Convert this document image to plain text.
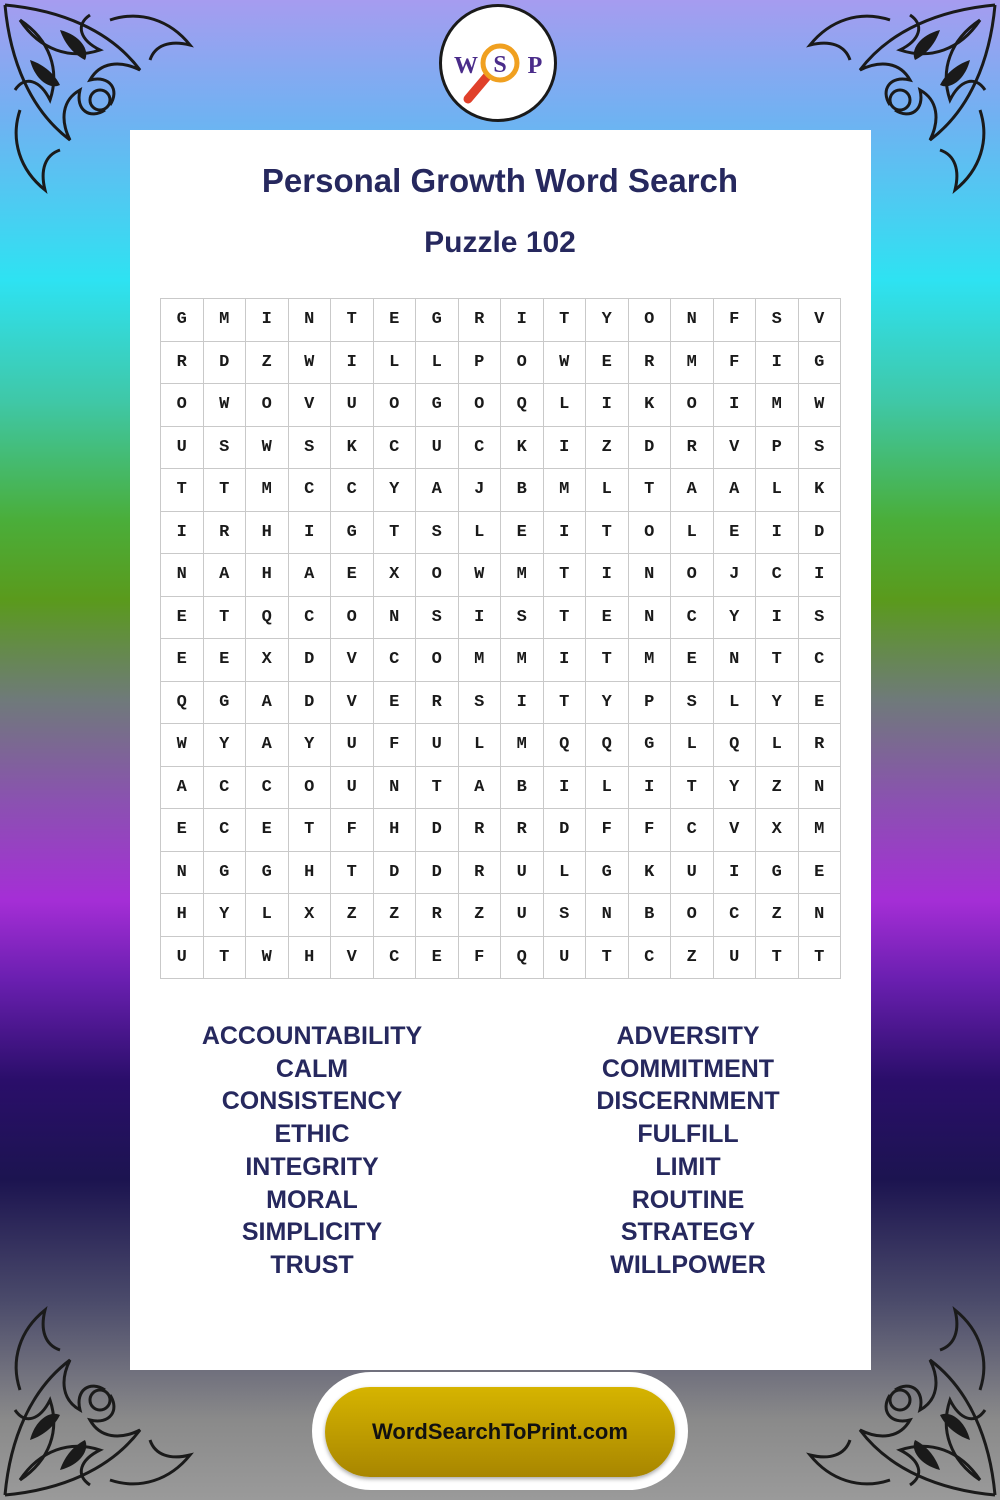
W S P
Personal Growth Word Search
Puzzle 102
G	M	I	N	T	E	G	R	I	T	Y	O	N	F	S	V
R	D	Z	W	I	L	L	P	O	W	E	R	M	F	I	G
O	W	O	V	U	O	G	O	Q	L	I	K	O	I	M	W
U	S	W	S	K	C	U	C	K	I	Z	D	R	V	P	S
T	T	M	C	C	Y	A	J	B	M	L	T	A	A	L	K
I	R	H	I	G	T	S	L	E	I	T	O	L	E	I	D
N	A	H	A	E	X	O	W	M	T	I	N	O	J	C	I
E	T	Q	C	O	N	S	I	S	T	E	N	C	Y	I	S
E	E	X	D	V	C	O	M	M	I	T	M	E	N	T	C
Q	G	A	D	V	E	R	S	I	T	Y	P	S	L	Y	E
W	Y	A	Y	U	F	U	L	M	Q	Q	G	L	Q	L	R
A	C	C	O	U	N	T	A	B	I	L	I	T	Y	Z	N
E	C	E	T	F	H	D	R	R	D	F	F	C	V	X	M
N	G	G	H	T	D	D	R	U	L	G	K	U	I	G	E
H	Y	L	X	Z	Z	R	Z	U	S	N	B	O	C	Z	N
U	T	W	H	V	C	E	F	Q	U	T	C	Z	U	T	T
ACCOUNTABILITY
CALM
CONSISTENCY
ETHIC
INTEGRITY
MORAL
SIMPLICITY
TRUST
ADVERSITY
COMMITMENT
DISCERNMENT
FULFILL
LIMIT
ROUTINE
STRATEGY
WILLPOWER
WordSearchToPrint.com
